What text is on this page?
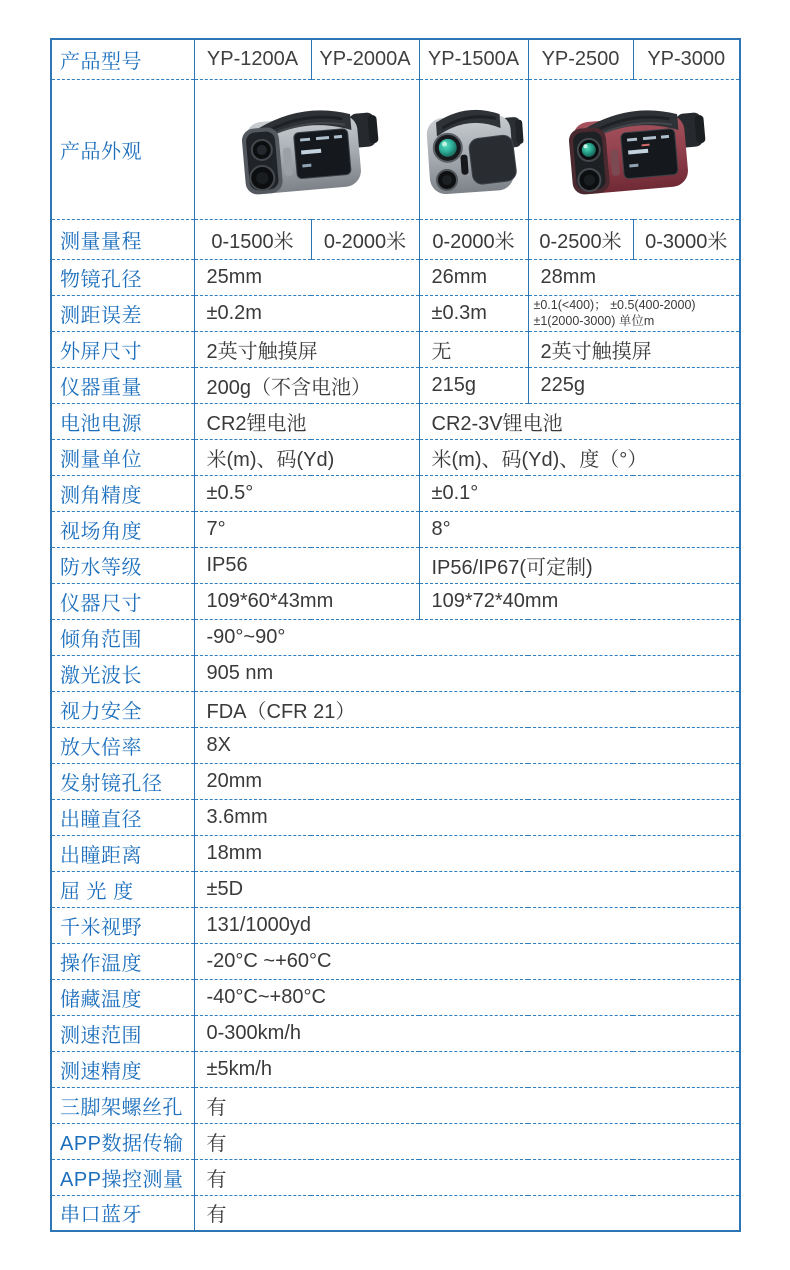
产品型号	YP-1200A	YP-2000A	YP-1500A	YP-2500	YP-3000
产品外观	

测量量程	0-1500米	0-2000米	0-2000米	0-2500米	0-3000米
物镜孔径	25mm		26mm	28mm	
测距误差	±0.2m		±0.3m	±0.1(<400)； ±0.5(400-2000)
±1(2000-3000) 单位m	

外屏尺寸	2英寸触摸屏		无	2英寸触摸屏	
仪器重量	200g（不含电池）		215g	225g	
电池电源	CR2锂电池		CR2-3V锂电池		
测量单位	米(m)、码(Yd)		米(m)、码(Yd)、度（°）		
测角精度	±0.5°		±0.1°		
视场角度	7°		8°		
防水等级	IP56		IP56/IP67(可定制)		
仪器尺寸	109*60*43mm		109*72*40mm		
倾角范围	-90°~90°				
激光波长	905 nm				
视力安全	FDA（CFR 21）				
放大倍率	8X				
发射镜孔径	20mm				
出瞳直径	3.6mm				
出瞳距离	18mm				
屈 光 度	±5D				
千米视野	131/1000yd				
操作温度	-20°C ~+60°C				
储藏温度	-40°C~+80°C				
测速范围	0-300km/h				
测速精度	±5km/h				
三脚架螺丝孔	有				
APP数据传输	有				
APP操控测量	有				
串口蓝牙	有				
